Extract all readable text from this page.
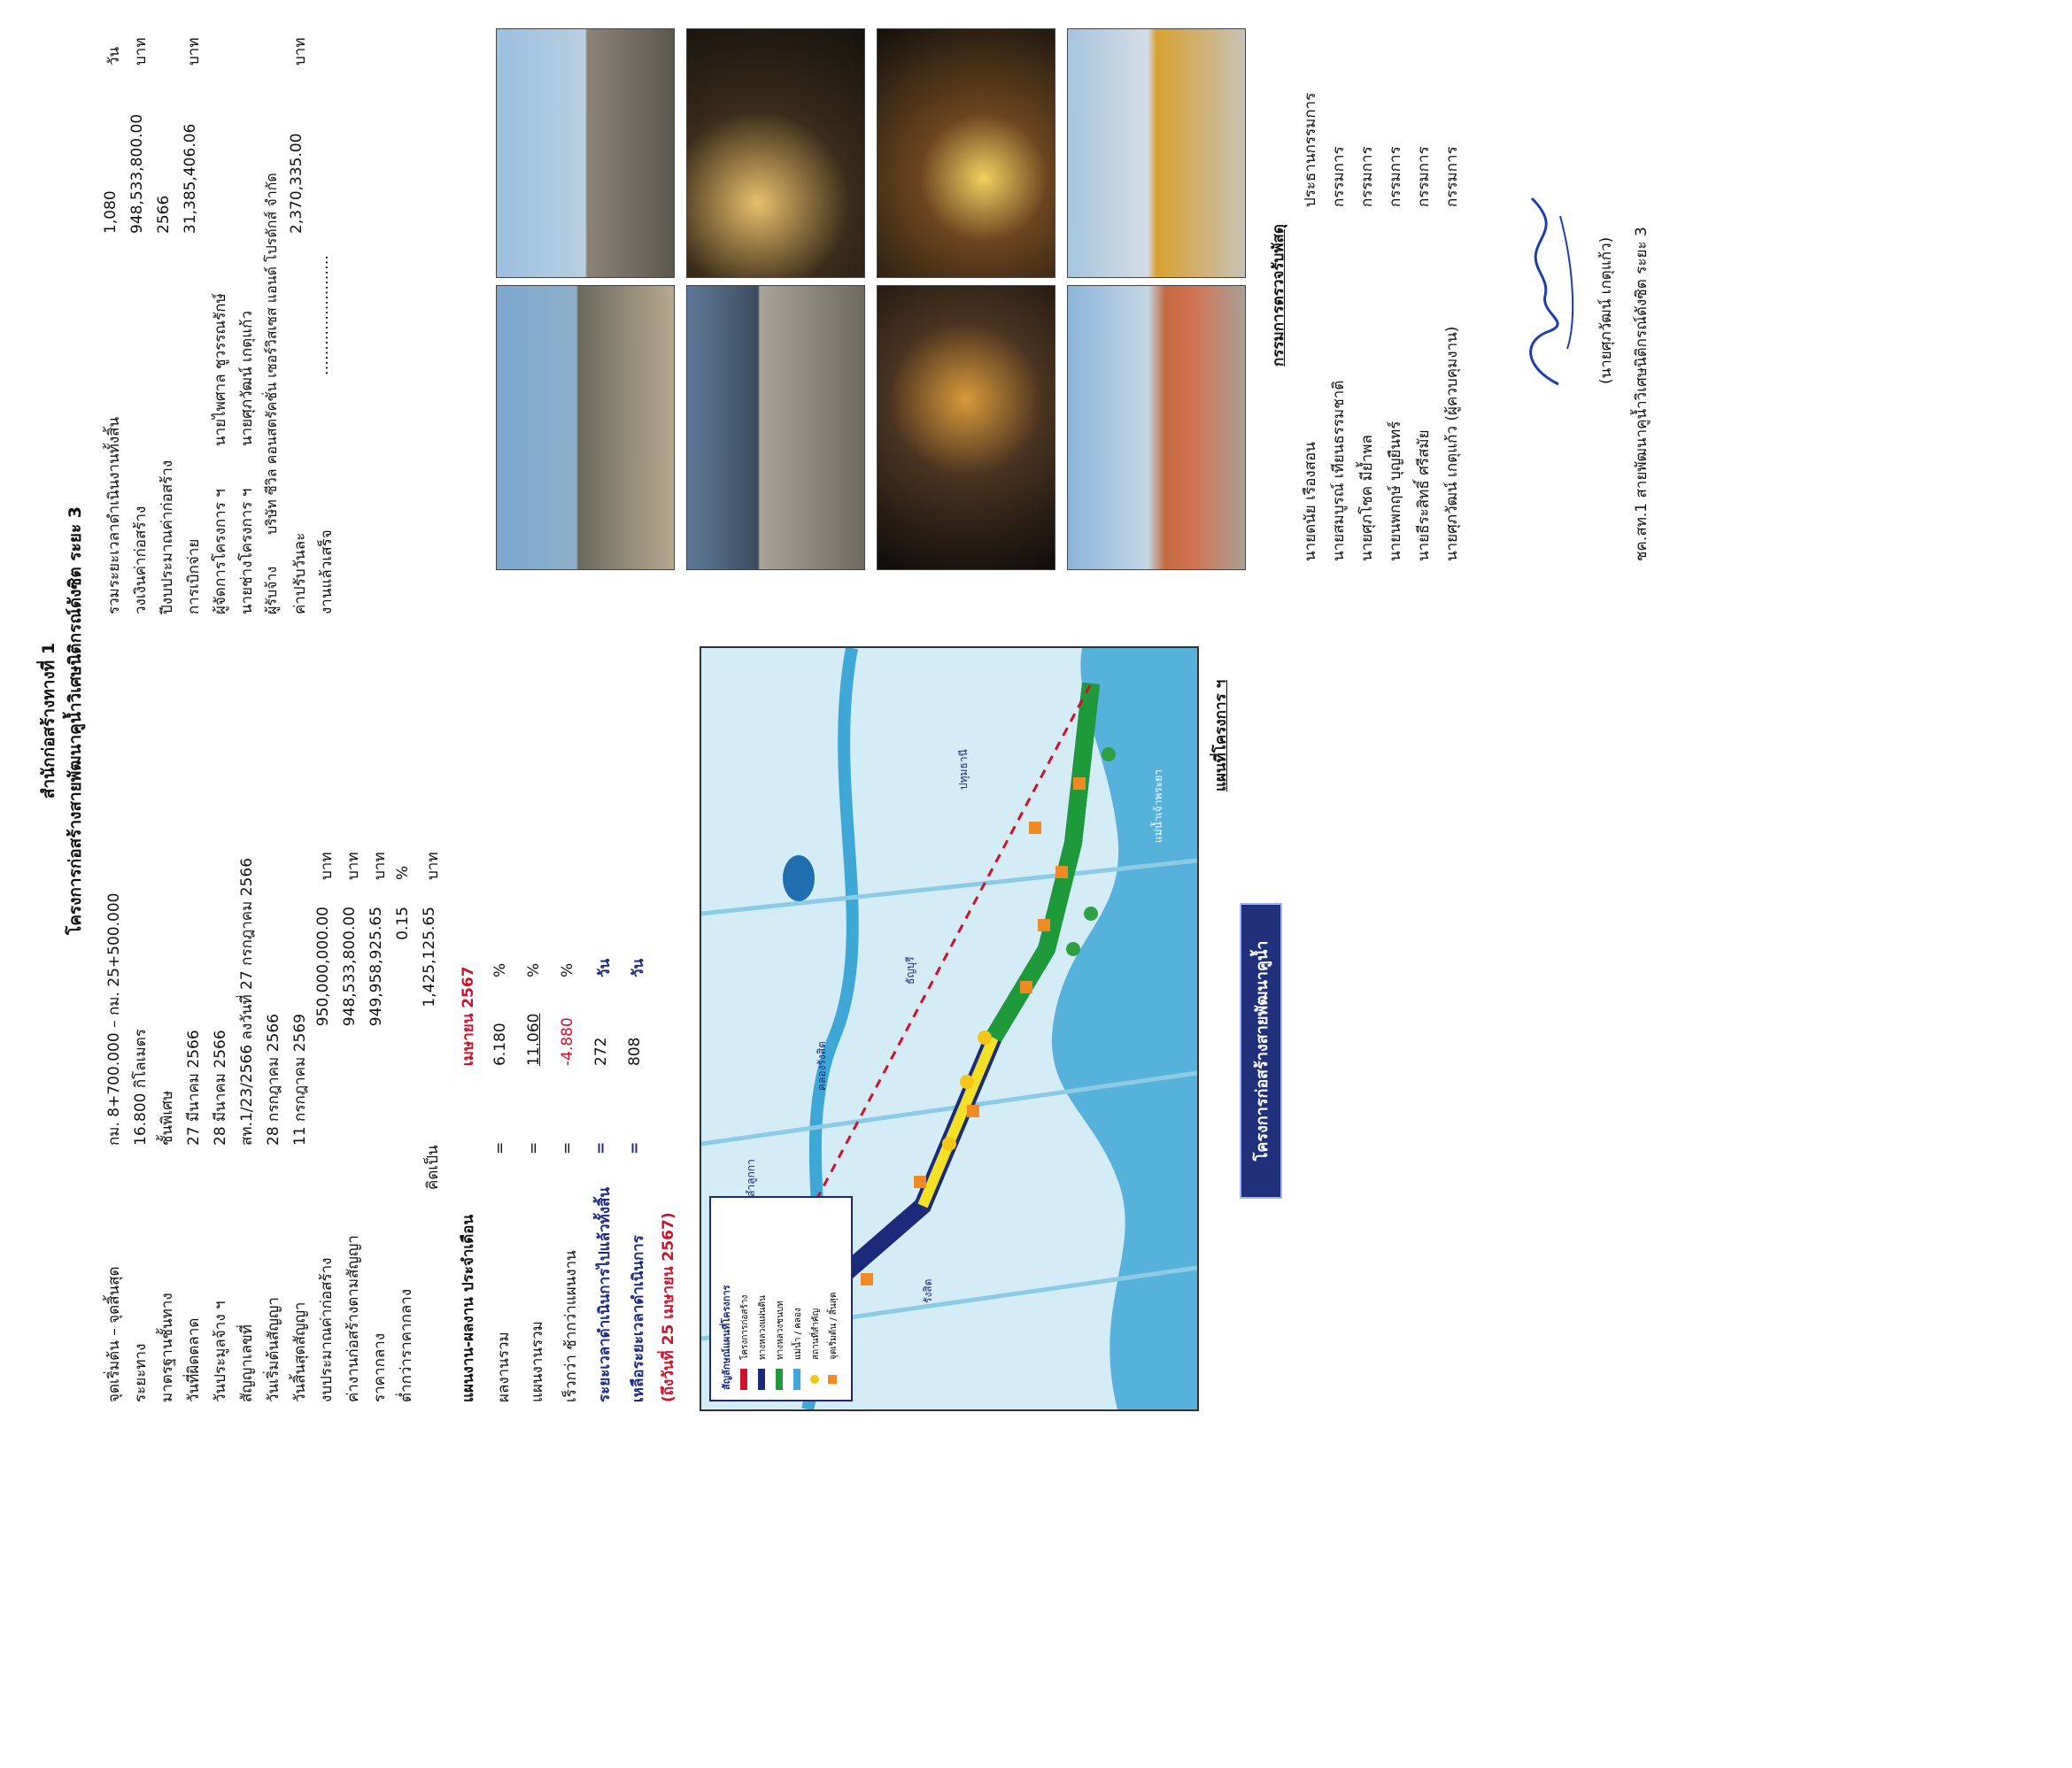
สำนักก่อสร้างทางที่ 1 โครงการก่อสร้างสายพัฒนาคูน้ำวิเศษนิติกรณ์ดังซิต ระยะ 3
จุดเริ่มต้น – จุดสิ้นสุด
กม. 8+700.000 – กม. 25+500.000
ระยะทาง
16.800 กิโลเมตร
มาตรฐานชั้นทาง
ชั้นพิเศษ
วันที่ผิดตลาด
27 มีนาคม 2566
วันประมูลจ้าง ฯ
28 มีนาคม 2566
สัญญาเลขที่
สท.1/23/2566 ลงวันที่ 27 กรกฎาคม 2566
วันเริ่มต้นสัญญา
28 กรกฎาคม 2566
วันสิ้นสุดสัญญา
11 กรกฎาคม 2569
งบประมาณค่าก่อสร้าง
950,000,000.00
บาท
ค่างานก่อสร้างตามสัญญา
948,533,800.00
บาท
ราคากลาง
949,958,925.65
บาท
ต่ำกว่าราคากลาง
0.15
%
คิดเป็น
1,425,125.65
บาท
รวมระยะเวลาดำเนินงานทั้งสิ้น
1,080
วัน
วงเงินค่าก่อสร้าง
948,533,800.00
บาท
ปีงบประมาณค่าก่อสร้าง
2566
การเบิกจ่าย
31,385,406.06
บาท
ผู้จัดการโครงการ ฯ
นายไพศาล ชูวรรณรักษ์
นายช่างโครงการ ฯ
นายศุภวัฒน์ เกตุแก้ว
ผู้รับจ้าง
บริษัท ซีวิล คอนสตรัคชั่น เซอร์วิสเซส แอนด์ โปรดักส์ จำกัด
ค่าปรับวันละ
2,370,335.00
บาท
งานแล้วเสร็จ
……………………
แผนงาน-ผลงาน ประจำเดือน
เมษายน 2567
ผลงานรวม
=
6.180
%
แผนงานรวม
=
11.060
%
เร็วกว่า ช้ากว่าแผนงาน
=
-4.880
%
ระยะเวลาดำเนินการไปแล้วทั้งสิ้น
=
272
วัน
เหลือระยะเวลาดำเนินการ
=
808
วัน
(ถึงวันที่ 25 เมษายน 2567)	สัญลักษณ์แผนที่โครงการ โครงการก่อสร้าง ทางหลวงแผ่นดิน ทางหลวงชนบท แม่น้ำ / คลอง สถานที่สำคัญ จุดเริ่มต้น / สิ้นสุด
แม่น้ำเจ้าพระยา
ปทุมธานี
รังสิต
คลองรังสิต
ลำลูกกา
ธัญบุรี
แผนที่โครงการ ฯ
โครงการก่อสร้างสายพัฒนาคูน้ำ
กรรมการตรวจรับพัสดุ
นายดนัย เรืองสอน
ประธานกรรมการ
นายสมบูรณ์ เทียนธรรมชาติ
กรรมการ
นายศุภโชค มีย้ำพล
กรรมการ
นายนพกฤษ์ บุญยืนทร์
กรรมการ
นายธีระสิทธิ์ ศรีสมัย
กรรมการ
นายศุภวัฒน์ เกตุแก้ว (ผู้ควบคุมงาน)
กรรมการ
(นายศุภวัฒน์ เกตุแก้ว) ชค.สท.1 สายพัฒนาคูน้ำวิเศษนิติกรณ์ดังซิต ระยะ 3
